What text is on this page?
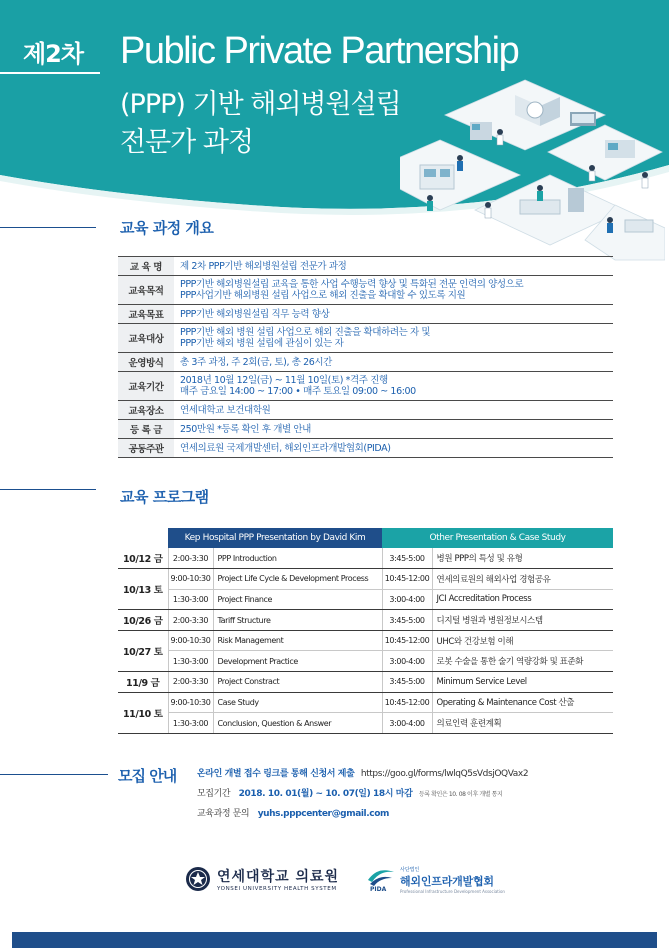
제2차 Public Private Partnership
(PPP) 기반 해외병원설립
전문가 과정
교육 과정 개요
교 육 명	제 2차 PPP기반 해외병원설립 전문가 과정

교육목적	PPP기반 해외병원설립 교육을 통한 사업 수행능력 향상 및 특화된 전문 인력의 양성으로
PPP사업기반 해외병원 설립 사업으로 해외 진출을 확대할 수 있도록 지원

교육목표	PPP기반 해외병원설립 직무 능력 향상

교육대상	PPP기반 해외 병원 설립 사업으로 해외 진출을 확대하려는 자 및
PPP기반 해외 병원 설립에 관심이 있는 자

운영방식	총 3주 과정, 주 2회(금, 토), 총 26시간

교육기간	2018년 10월 12일(금) ~ 11월 10일(토) *격주 진행
매주 금요일 14:00 ~ 17:00 • 매주 토요일 09:00 ~ 16:00

교육장소	연세대학교 보건대학원

등 록 금	250만원 *등록 확인 후 개별 안내

공동주관	연세의료원 국제개발센터, 해외인프라개발협회(PIDA)
교육 프로그램
	Kep Hospital PPP Presentation by David Kim		Other Presentation & Case Study	
10/12 금	2:00-3:30	PPP Introduction	3:45-5:00	병원 PPP의 특성 및 유형
10/13 토	9:00-10:30	Project Life Cycle & Development Process	10:45-12:00	연세의료원의 해외사업 경험공유
	1:30-3:00	Project Finance	3:00-4:00	JCI Accreditation Process
10/26 금	2:00-3:30	Tariff Structure	3:45-5:00	디지털 병원과 병원정보시스템
10/27 토	9:00-10:30	Risk Management	10:45-12:00	UHC와 건강보험 이해
	1:30-3:00	Development Practice	3:00-4:00	로봇 수술을 통한 술기 역량강화 및 표준화
11/9 금	2:00-3:30	Project Constract	3:45-5:00	Minimum Service Level
11/10 토	9:00-10:30	Case Study	10:45-12:00	Operating & Maintenance Cost 산출
	1:30-3:00	Conclusion, Question & Answer	3:00-4:00	의료인력 훈련계획
모집 안내 온라인 개별 접수 링크를 통해 신청서 제출 https://goo.gl/forms/lwlqQ5sVdsjOQVax2
모집기간 2018. 10. 01(월) ~ 10. 07(일) 18시 마감 등록 확인은 10. 08 이후 개별 통지
교육과정 문의 yuhs.pppcenter@gmail.com
연세대학교 의료원
YONSEI UNIVERSITY HEALTH SYSTEM	PIDA
사단법인
해외인프라개발협회
Professional Infrastructure Development Association
